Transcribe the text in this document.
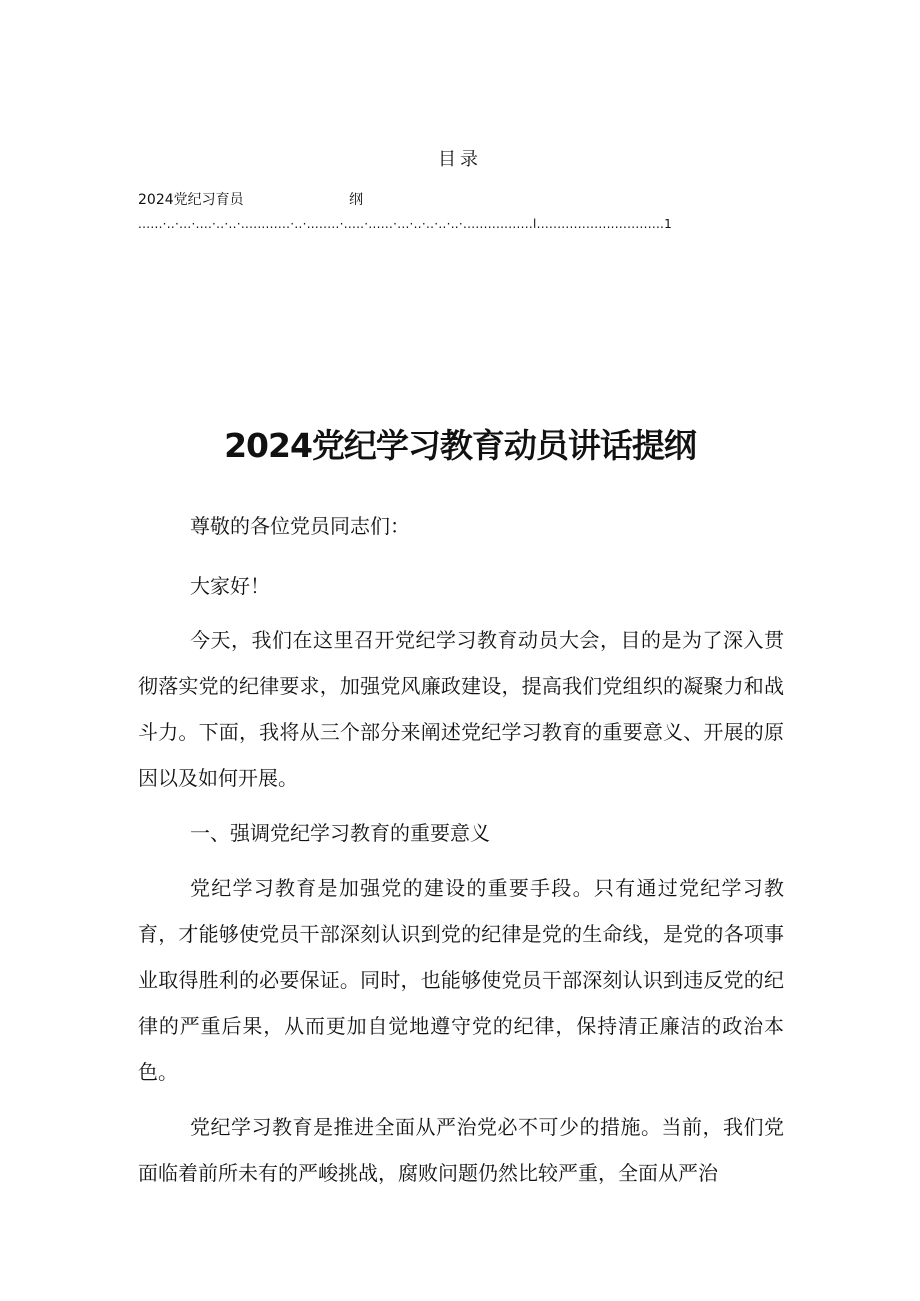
目录
2024党纪习育员	纲
......·..·...·....·..·..·............·..·........·.....·......·...·..·..·..·..·.................l...............................1
2024党纪学习教育动员讲话提纲

尊敬的各位党员同志们：

大家好！

今天，我们在这里召开党纪学习教育动员大会，目的是为了深入贯彻落实党的纪律要求，加强党风廉政建设，提高我们党组织的凝聚力和战斗力。下面，我将从三个部分来阐述党纪学习教育的重要意义、开展的原因以及如何开展。

一、强调党纪学习教育的重要意义

党纪学习教育是加强党的建设的重要手段。只有通过党纪学习教育，才能够使党员干部深刻认识到党的纪律是党的生命线，是党的各项事业取得胜利的必要保证。同时，也能够使党员干部深刻认识到违反党的纪律的严重后果，从而更加自觉地遵守党的纪律，保持清正廉洁的政治本色。

党纪学习教育是推进全面从严治党必不可少的措施。当前，我们党面临着前所未有的严峻挑战，腐败问题仍然比较严重，全面从严治
